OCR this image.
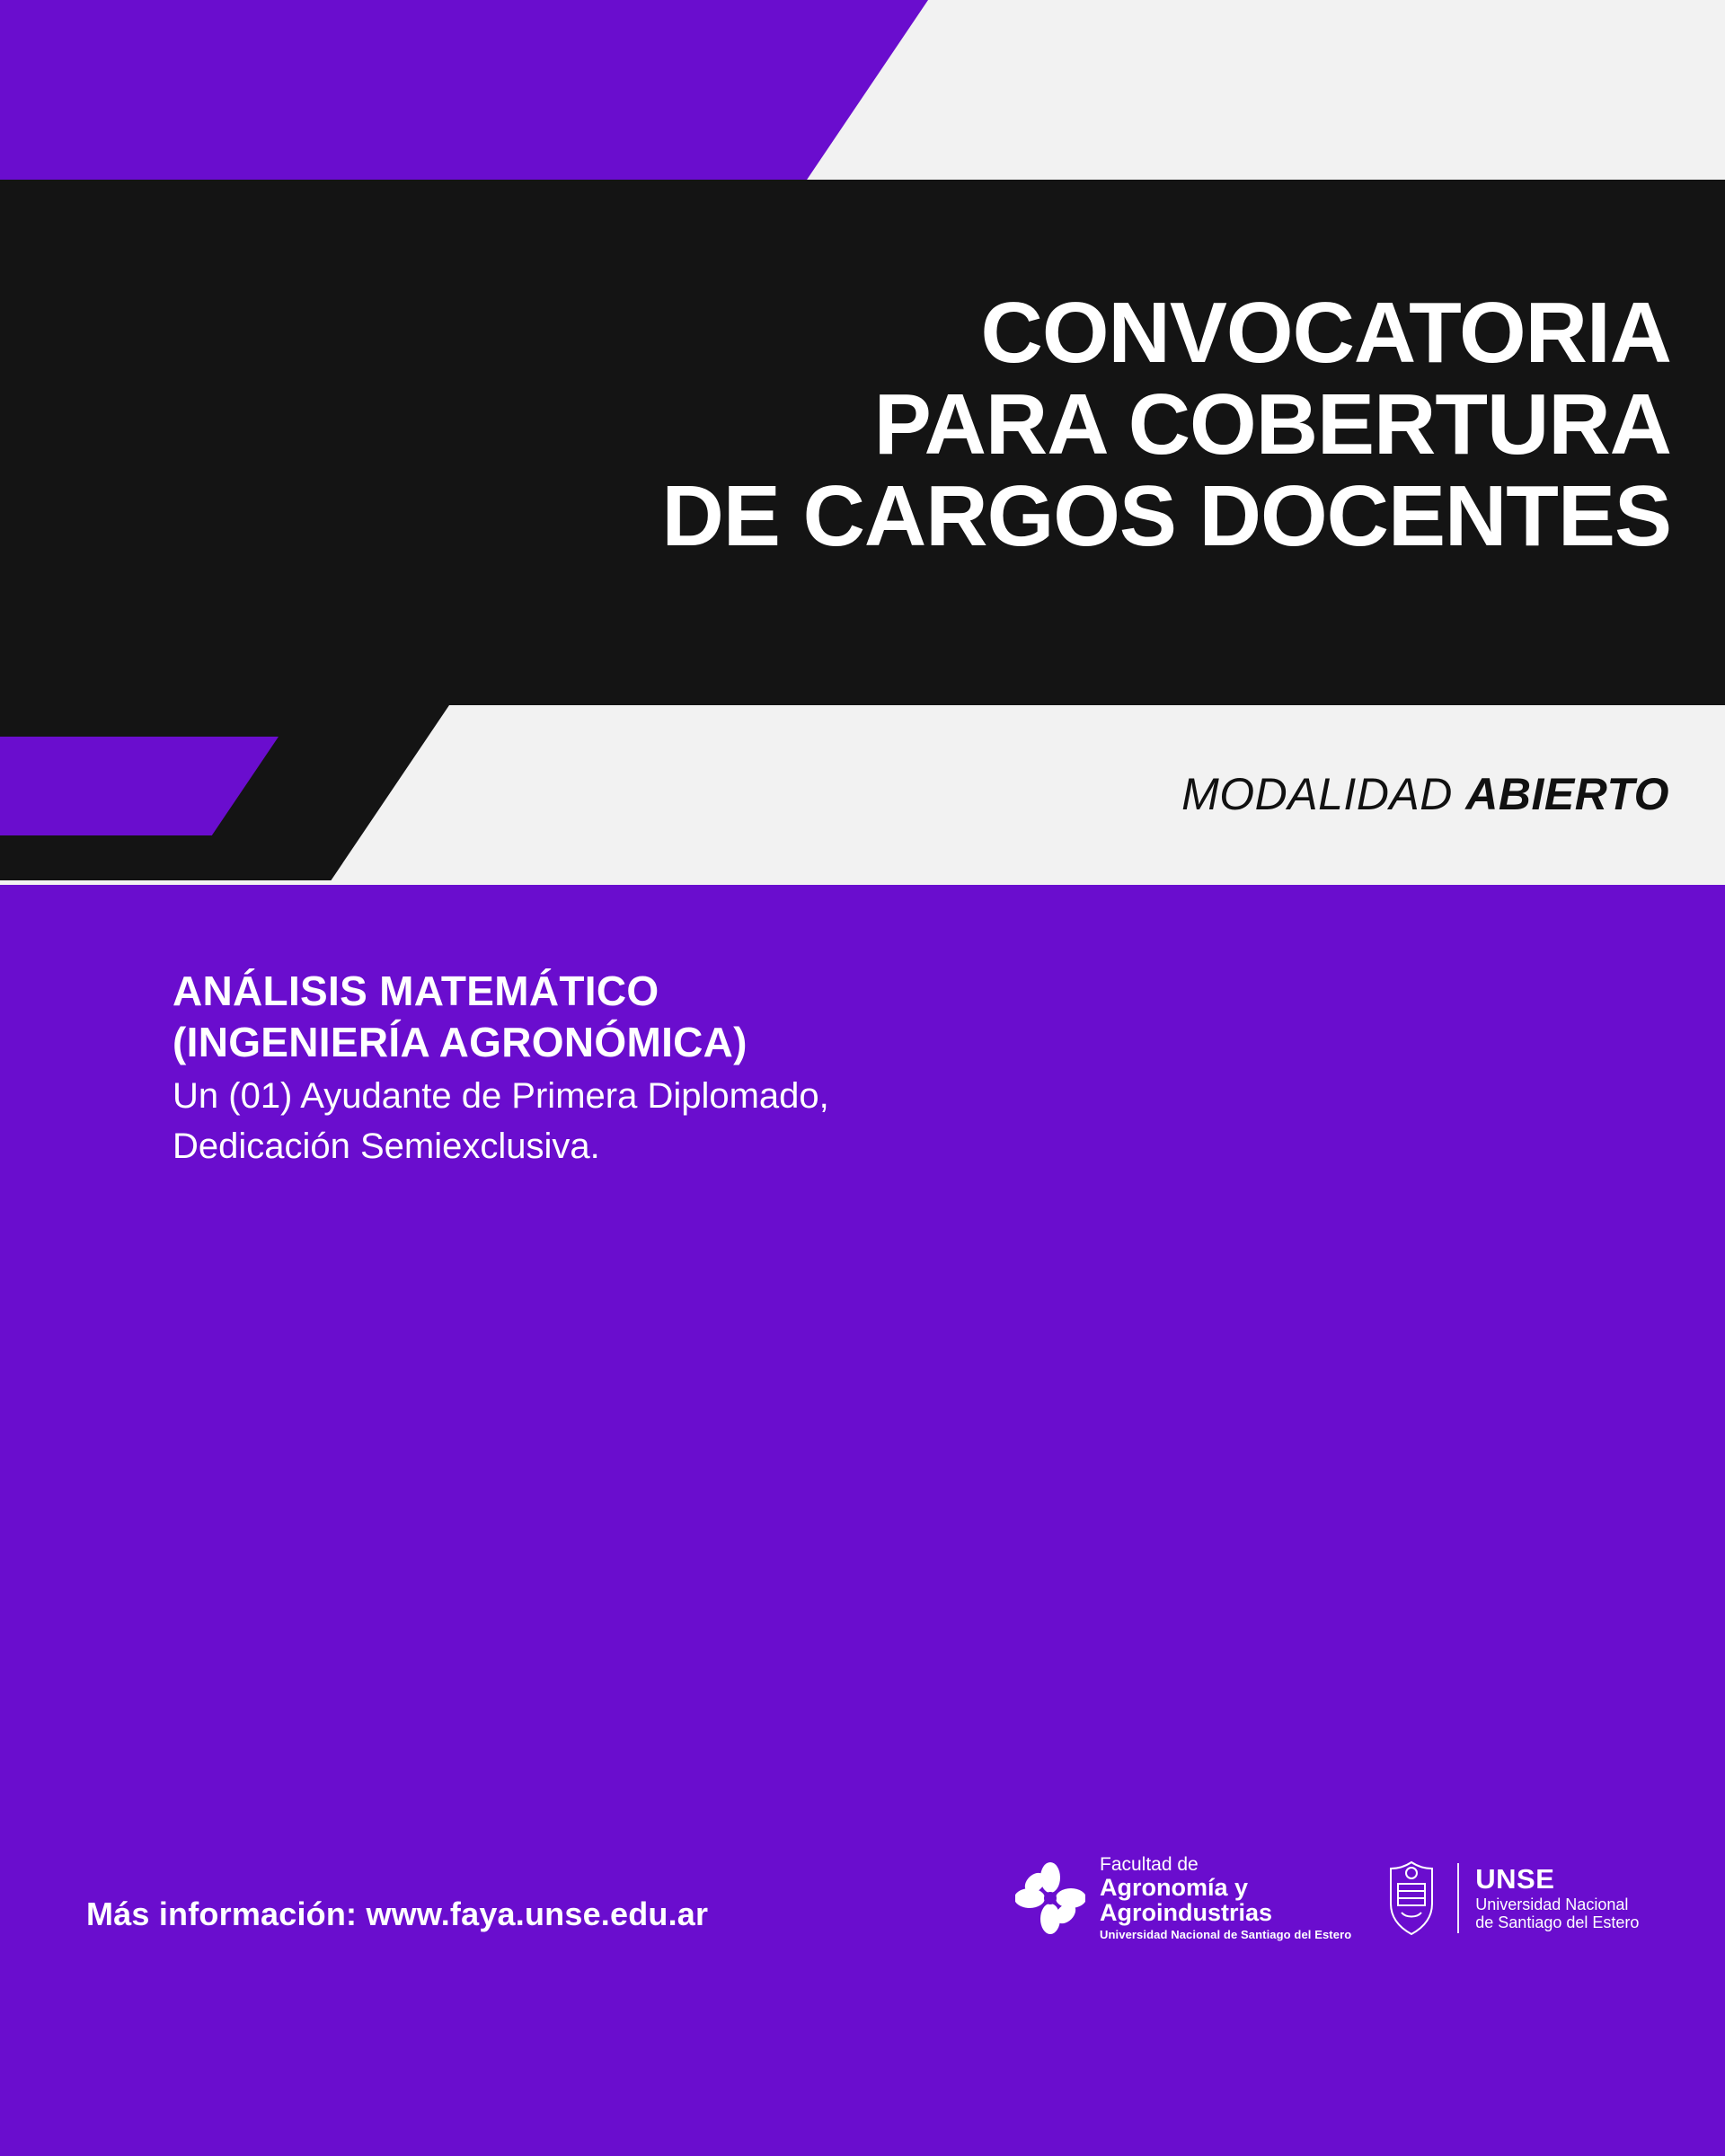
CONVOCATORIA
PARA COBERTURA
DE CARGOS DOCENTES
MODALIDAD ABIERTO

ANÁLISIS MATEMÁTICO

(INGENIERÍA AGRONÓMICA)

Un (01) Ayudante de Primera Diplomado,

Dedicación Semiexclusiva.

Más información: www.faya.unse.edu.ar
Facultad de
Agronomía y
Agroindustrias
Universidad Nacional de Santiago del Estero
UNSE
Universidad Nacional
de Santiago del Estero
